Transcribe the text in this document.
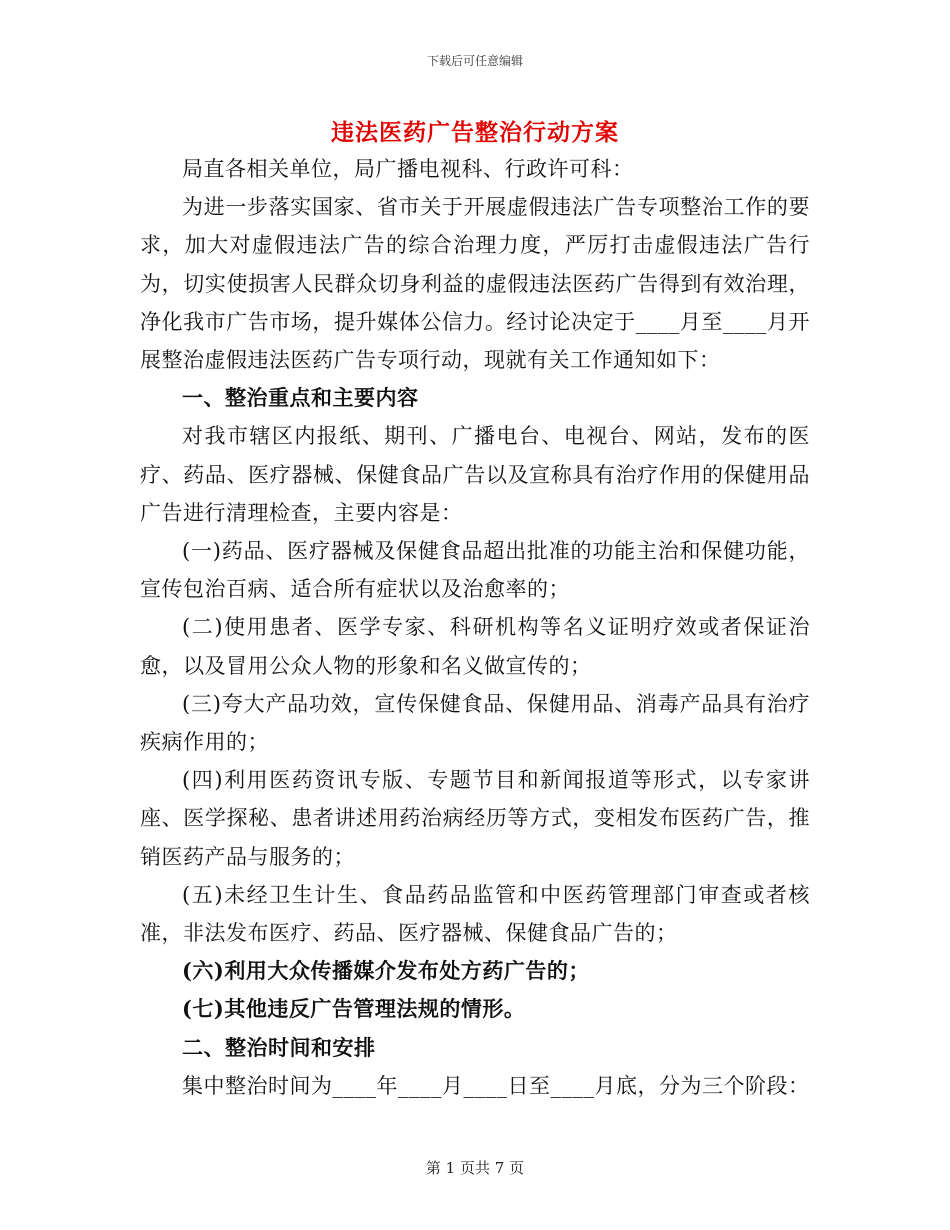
下载后可任意编辑
违法医药广告整治行动方案

局直各相关单位，局广播电视科、行政许可科：

为进一步落实国家、省市关于开展虚假违法广告专项整治工作的要求，加大对虚假违法广告的综合治理力度，严厉打击虚假违法广告行为，切实使损害人民群众切身利益的虚假违法医药广告得到有效治理，净化我市广告市场，提升媒体公信力。经讨论决定于____月至____月开展整治虚假违法医药广告专项行动，现就有关工作通知如下：

一、整治重点和主要内容

对我市辖区内报纸、期刊、广播电台、电视台、网站，发布的医疗、药品、医疗器械、保健食品广告以及宣称具有治疗作用的保健用品广告进行清理检查，主要内容是：

(一)药品、医疗器械及保健食品超出批准的功能主治和保健功能，宣传包治百病、适合所有症状以及治愈率的；

(二)使用患者、医学专家、科研机构等名义证明疗效或者保证治愈，以及冒用公众人物的形象和名义做宣传的；

(三)夸大产品功效，宣传保健食品、保健用品、消毒产品具有治疗疾病作用的；

(四)利用医药资讯专版、专题节目和新闻报道等形式，以专家讲座、医学探秘、患者讲述用药治病经历等方式，变相发布医药广告，推销医药产品与服务的；

(五)未经卫生计生、食品药品监管和中医药管理部门审查或者核准，非法发布医疗、药品、医疗器械、保健食品广告的；

(六)利用大众传播媒介发布处方药广告的；

(七)其他违反广告管理法规的情形。

二、整治时间和安排

集中整治时间为____年____月____日至____月底，分为三个阶段：

第 1 页共 7 页
